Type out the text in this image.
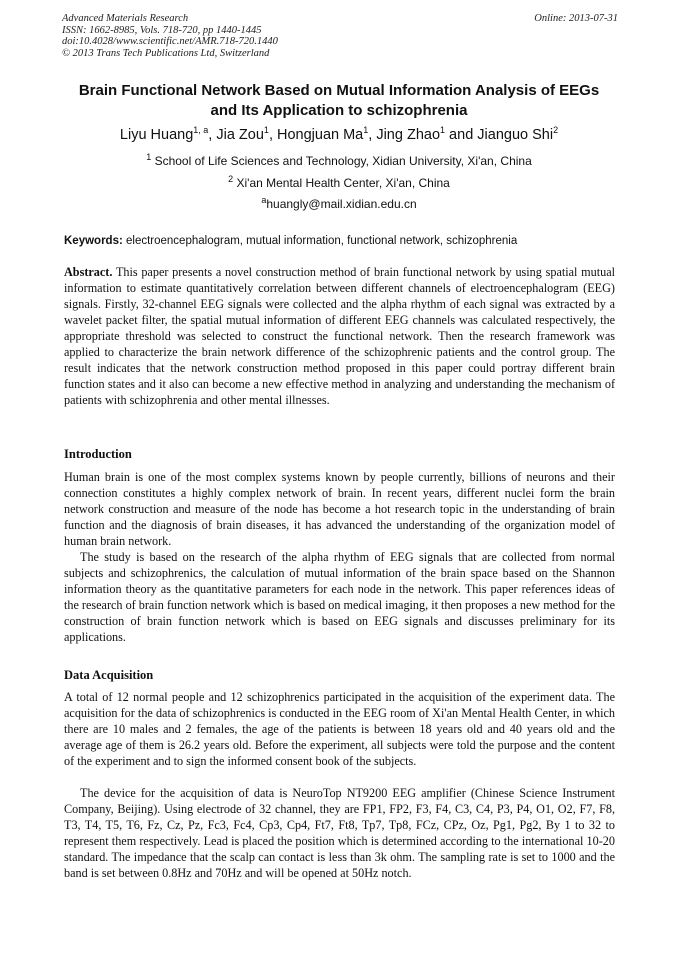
Advanced Materials Research
ISSN: 1662-8985, Vols. 718-720, pp 1440-1445
doi:10.4028/www.scientific.net/AMR.718-720.1440
© 2013 Trans Tech Publications Ltd, Switzerland
Online: 2013-07-31
Brain Functional Network Based on Mutual Information Analysis of EEGs
and Its Application to schizophrenia
Liyu Huang$^{1, a}$, Jia Zou$^1$, Hongjuan Ma$^1$, Jing Zhao$^1$ and Jianguo Shi$^2$
$^1$ School of Life Sciences and Technology, Xidian University, Xi'an, China
$^2$ Xi'an Mental Health Center, Xi'an, China
$^a$huangly@mail.xidian.edu.cn
Keywords: electroencephalogram, mutual information, functional network, schizophrenia
Abstract. This paper presents a novel construction method of brain functional network by using spatial mutual information to estimate quantitatively correlation between different channels of electroencephalogram (EEG) signals. Firstly, 32-channel EEG signals were collected and the alpha rhythm of each signal was extracted by a wavelet packet filter, the spatial mutual information of different EEG channels was calculated respectively, the appropriate threshold was selected to construct the functional network. Then the research framework was applied to characterize the brain network difference of the schizophrenic patients and the control group. The result indicates that the network construction method proposed in this paper could portray different brain function states and it also can become a new effective method in analyzing and understanding the mechanism of patients with schizophrenia and other mental illnesses.
Introduction
Human brain is one of the most complex systems known by people currently, billions of neurons and their connection constitutes a highly complex network of brain. In recent years, different nuclei form the brain network construction and measure of the node has become a hot research topic in the understanding of brain function and the diagnosis of brain diseases, it has advanced the understanding of the organization model of human brain network.
The study is based on the research of the alpha rhythm of EEG signals that are collected from normal subjects and schizophrenics, the calculation of mutual information of the brain space based on the Shannon information theory as the quantitative parameters for each node in the network. This paper references ideas of the research of brain function network which is based on medical imaging, it then proposes a new method for the construction of brain function network which is based on EEG signals and discusses preliminary for its applications.
Data Acquisition
A total of 12 normal people and 12 schizophrenics participated in the acquisition of the experiment data. The acquisition for the data of schizophrenics is conducted in the EEG room of Xi'an Mental Health Center, in which there are 10 males and 2 females, the age of the patients is between 18 years old and 40 years old and the average age of them is 26.2 years old. Before the experiment, all subjects were told the purpose and the content of the experiment and to sign the informed consent book of the subjects.
The device for the acquisition of data is NeuroTop NT9200 EEG amplifier (Chinese Science Instrument Company, Beijing). Using electrode of 32 channel, they are FP1, FP2, F3, F4, C3, C4, P3, P4, O1, O2, F7, F8, T3, T4, T5, T6, Fz, Cz, Pz, Fc3, Fc4, Cp3, Cp4, Ft7, Ft8, Tp7, Tp8, FCz, CPz, Oz, Pg1, Pg2, By 1 to 32 to represent them respectively. Lead is placed the position which is determined according to the international 10-20 standard. The impedance that the scalp can contact is less than 3k ohm. The sampling rate is set to 1000 and the band is set between 0.8Hz and 70Hz and will be opened at 50Hz notch.
